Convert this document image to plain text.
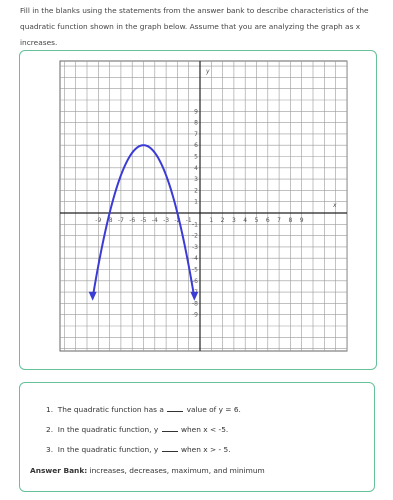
Fill in the blanks using the statements from the answer bank to describe characteristics of the quadratic function shown in the graph below. Assume that you are analyzing the graph as x increases.

-9 -8 -7 -6 -5 -4 -3 -2 -1	1 2 3 4 5 6 7 8 9
9
8
7
6
5
4
3
2
1
-1
-2
-3
-4
-5
-6
-8
-9
y
x
1. The quadratic function has a  value of y = 6.
2. In the quadratic function, y  when x < -5.
3. In the quadratic function, y  when x > - 5.
Answer Bank: increases, decreases, maximum, and minimum
